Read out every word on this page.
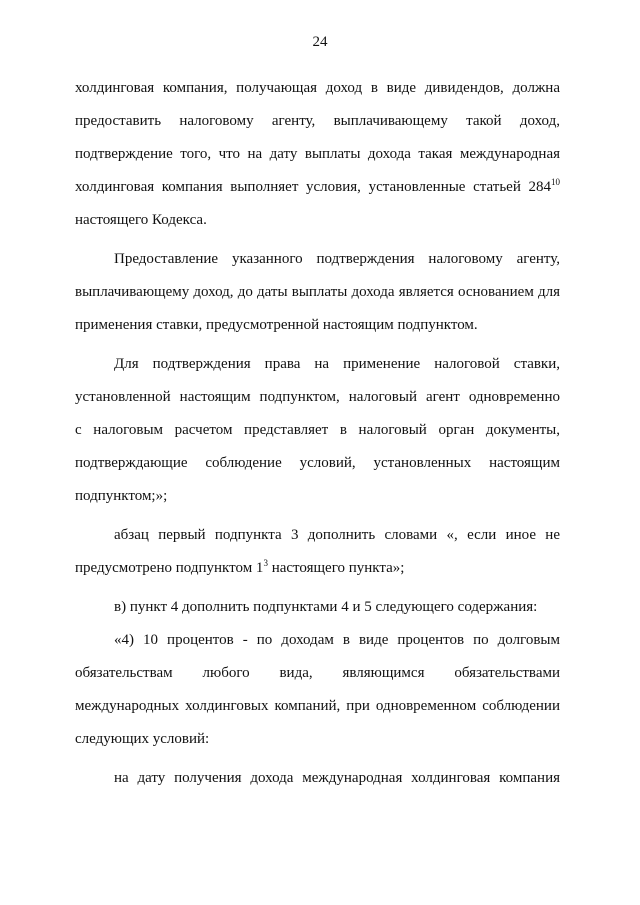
24
холдинговая компания, получающая доход в виде дивидендов, должна
предоставить налоговому агенту, выплачивающему такой доход,
подтверждение того, что на дату выплаты дохода такая международная
холдинговая компания выполняет условия, установленные статьей $284^{10}$
настоящего Кодекса.
Предоставление указанного подтверждения налоговому агенту,
выплачивающему доход, до даты выплаты дохода является основанием для
применения ставки, предусмотренной настоящим подпунктом.
Для подтверждения права на применение налоговой ставки,
установленной настоящим подпунктом, налоговый агент одновременно
с налоговым расчетом представляет в налоговый орган документы,
подтверждающие соблюдение условий, установленных настоящим
подпунктом;»;
абзац первый подпункта 3 дополнить словами «, если иное не
предусмотрено подпунктом $1^3$ настоящего пункта»;
в) пункт 4 дополнить подпунктами 4 и 5 следующего содержания:
«4) 10 процентов - по доходам в виде процентов по долговым
обязательствам любого вида, являющимся обязательствами
международных холдинговых компаний, при одновременном соблюдении
следующих условий:
на дату получения дохода международная холдинговая компания
